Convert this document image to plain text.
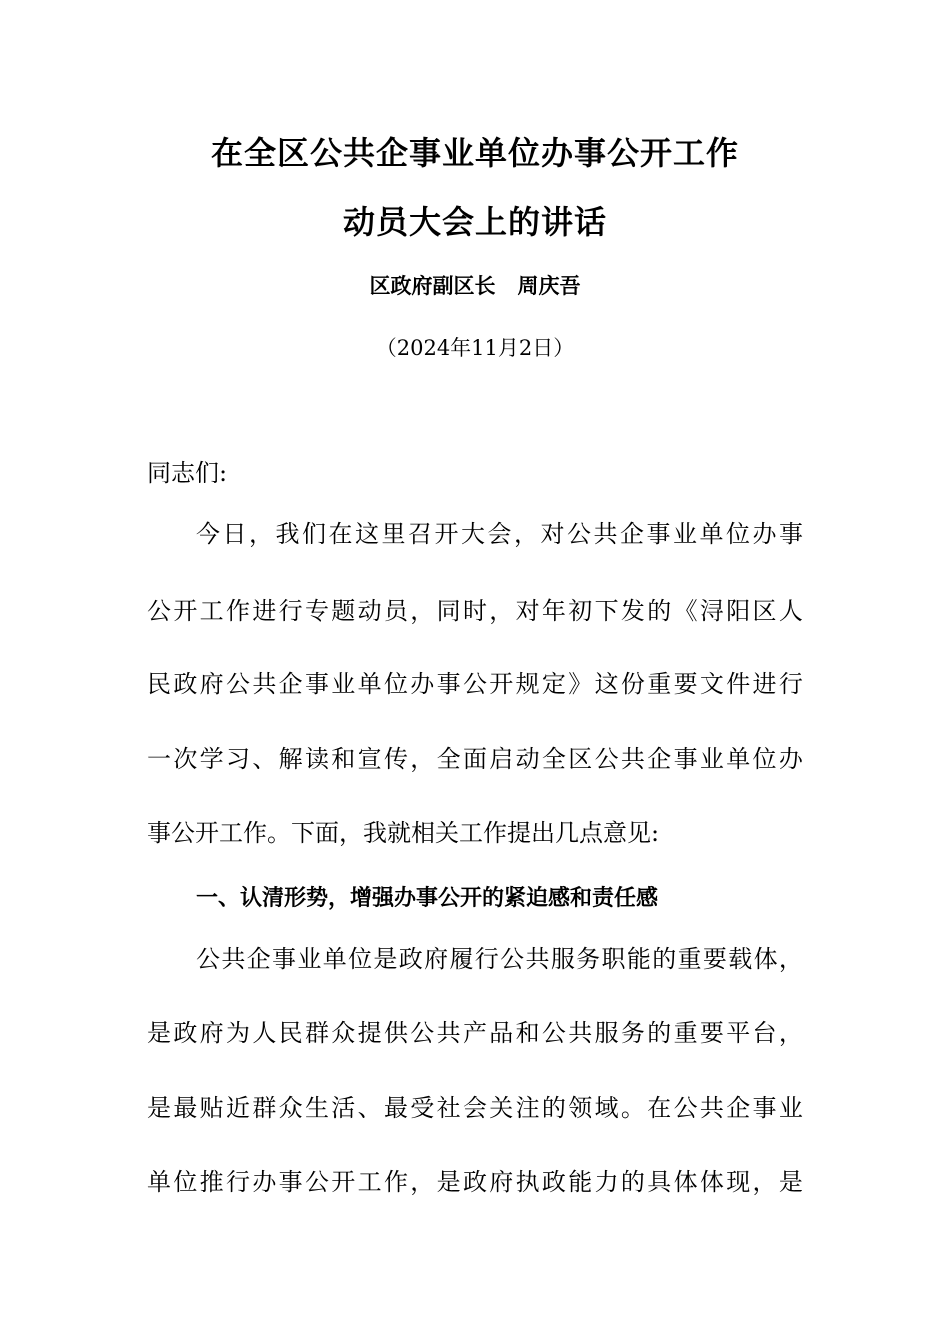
在全区公共企事业单位办事公开工作
动员大会上的讲话
区政府副区长   周庆吾
（2024年11月2日）
同志们:
今 日 ， 我 们 在 这 里 召 开 大 会 ， 对 公 共 企 事 业 单 位 办 事
公 开 工 作 进 行 专 题 动 员 ， 同 时 ， 对 年 初 下 发 的 《 浔 阳 区 人
民 政 府 公 共 企 事 业 单 位 办 事 公 开 规 定 》 这 份 重 要 文 件 进 行
一 次 学 习 、 解 读 和 宣 传 ， 全 面 启 动 全 区 公 共 企 事 业 单 位 办
事公开工作。下面，我就相关工作提出几点意见:
一、认清形势，增强办事公开的紧迫感和责任感
公 共 企 事 业 单 位 是 政 府 履 行 公 共 服 务 职 能 的 重 要 载 体 ，
是 政 府 为 人 民 群 众 提 供 公 共 产 品 和 公 共 服 务 的 重 要 平 台 ，
是 最 贴 近 群 众 生 活 、 最 受 社 会 关 注 的 领 域 。 在 公 共 企 事 业
单 位 推 行 办 事 公 开 工 作 ， 是 政 府 执 政 能 力 的 具 体 体 现 ， 是
